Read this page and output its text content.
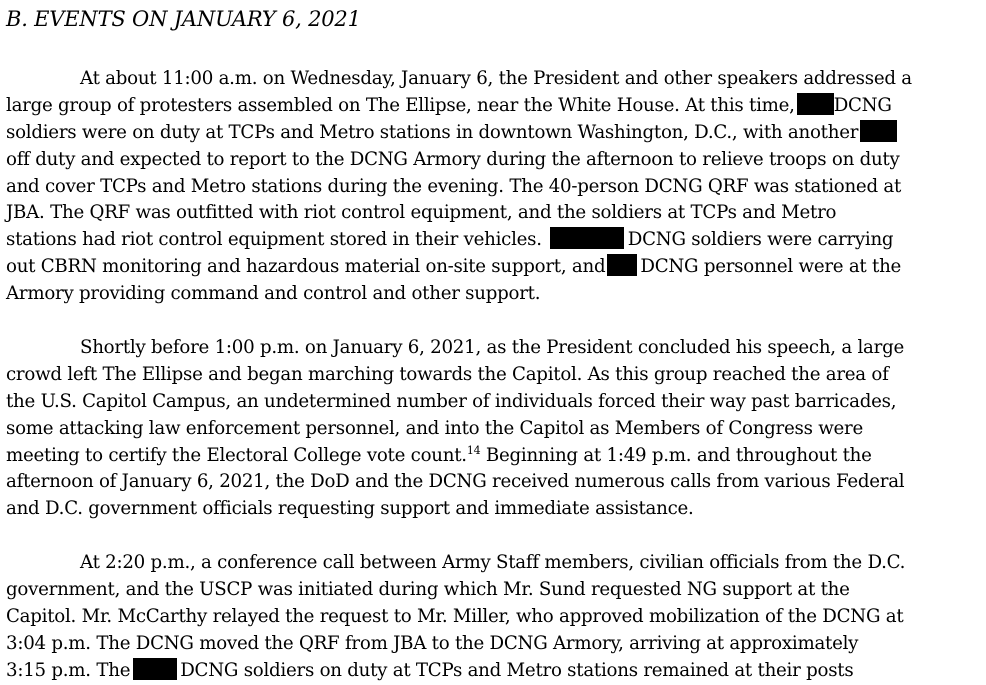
B. EVENTS ON JANUARY 6, 2021
At about 11:00 a.m. on Wednesday, January 6, the President and other speakers addressed a
large group of protesters assembled on The Ellipse, near the White House. At this time, DCNG
soldiers were on duty at TCPs and Metro stations in downtown Washington, D.C., with another
off duty and expected to report to the DCNG Armory during the afternoon to relieve troops on duty
and cover TCPs and Metro stations during the evening. The 40-person DCNG QRF was stationed at
JBA. The QRF was outfitted with riot control equipment, and the soldiers at TCPs and Metro
stations had riot control equipment stored in their vehicles.	DCNG soldiers were carrying
out CBRN monitoring and hazardous material on-site support, and DCNG personnel were at the
Armory providing command and control and other support.
Shortly before 1:00 p.m. on January 6, 2021, as the President concluded his speech, a large
crowd left The Ellipse and began marching towards the Capitol. As this group reached the area of
the U.S. Capitol Campus, an undetermined number of individuals forced their way past barricades,
some attacking law enforcement personnel, and into the Capitol as Members of Congress were
meeting to certify the Electoral College vote count.$^{14}$ Beginning at 1:49 p.m. and throughout the
afternoon of January 6, 2021, the DoD and the DCNG received numerous calls from various Federal
and D.C. government officials requesting support and immediate assistance.
At 2:20 p.m., a conference call between Army Staff members, civilian officials from the D.C.
government, and the USCP was initiated during which Mr. Sund requested NG support at the
Capitol. Mr. McCarthy relayed the request to Mr. Miller, who approved mobilization of the DCNG at
3:04 p.m. The DCNG moved the QRF from JBA to the DCNG Armory, arriving at approximately
3:15 p.m. The	DCNG soldiers on duty at TCPs and Metro stations remained at their posts
